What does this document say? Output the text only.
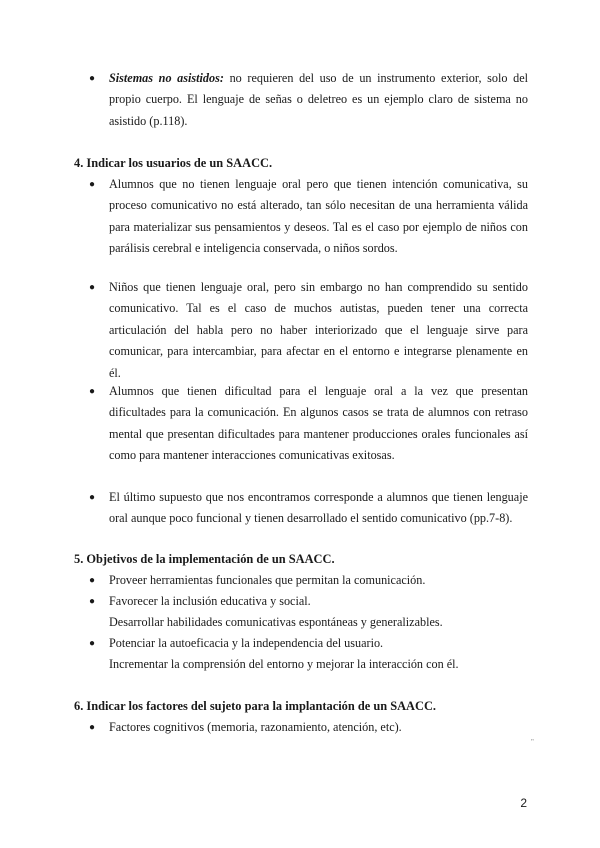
● Sistemas no asistidos: no requieren del uso de un instrumento exterior, solo del propio cuerpo. El lenguaje de señas o deletreo es un ejemplo claro de sistema no asistido (p.118).
4. Indicar los usuarios de un SAACC.
● Alumnos que no tienen lenguaje oral pero que tienen intención comunicativa, su proceso comunicativo no está alterado, tan sólo necesitan de una herramienta válida para materializar sus pensamientos y deseos. Tal es el caso por ejemplo de niños con parálisis cerebral e inteligencia conservada, o niños sordos.
● Niños que tienen lenguaje oral, pero sin embargo no han comprendido su sentido comunicativo. Tal es el caso de muchos autistas, pueden tener una correcta articulación del habla pero no haber interiorizado que el lenguaje sirve para comunicar, para intercambiar, para afectar en el entorno e integrarse plenamente en él.
● Alumnos que tienen dificultad para el lenguaje oral a la vez que presentan dificultades para la comunicación. En algunos casos se trata de alumnos con retraso mental que presentan dificultades para mantener producciones orales funcionales así como para mantener interacciones comunicativas exitosas.
● El último supuesto que nos encontramos corresponde a alumnos que tienen lenguaje oral aunque poco funcional y tienen desarrollado el sentido comunicativo (pp.7-8).
5. Objetivos de la implementación de un SAACC.
● Proveer herramientas funcionales que permitan la comunicación.
● Favorecer la inclusión educativa y social.
Desarrollar habilidades comunicativas espontáneas y generalizables.
● Potenciar la autoeficacia y la independencia del usuario.
Incrementar la comprensión del entorno y mejorar la interacción con él.
6. Indicar los factores del sujeto para la implantación de un SAACC.
● Factores cognitivos (memoria, razonamiento, atención, etc).
"
2
